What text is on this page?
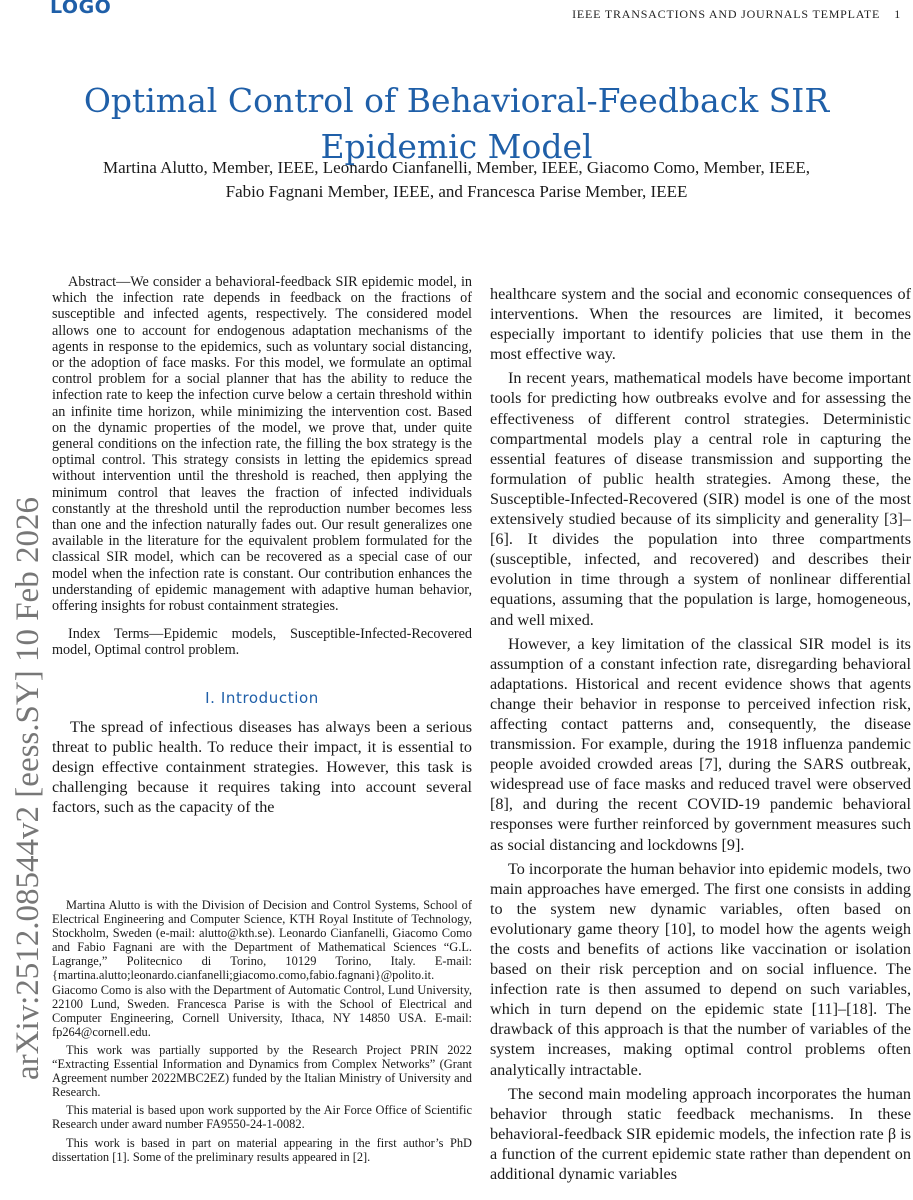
LOGO	IEEE TRANSACTIONS AND JOURNALS TEMPLATE 1
arXiv:2512.08544v2 [eess.SY] 10 Feb 2026
Optimal Control of Behavioral-Feedback SIR Epidemic Model
Martina Alutto, Member, IEEE, Leonardo Cianfanelli, Member, IEEE, Giacomo Como, Member, IEEE,
Fabio Fagnani Member, IEEE, and Francesca Parise Member, IEEE

Abstract—We consider a behavioral-feedback SIR epidemic model, in which the infection rate depends in feedback on the fractions of susceptible and infected agents, respectively. The considered model allows one to account for endogenous adaptation mechanisms of the agents in response to the epidemics, such as voluntary social distancing, or the adoption of face masks. For this model, we formulate an optimal control problem for a social planner that has the ability to reduce the infection rate to keep the infection curve below a certain threshold within an infinite time horizon, while minimizing the intervention cost. Based on the dynamic properties of the model, we prove that, under quite general conditions on the infection rate, the filling the box strategy is the optimal control. This strategy consists in letting the epidemics spread without intervention until the threshold is reached, then applying the minimum control that leaves the fraction of infected individuals constantly at the threshold until the reproduction number becomes less than one and the infection naturally fades out. Our result generalizes one available in the literature for the equivalent problem formulated for the classical SIR model, which can be recovered as a special case of our model when the infection rate is constant. Our contribution enhances the understanding of epidemic management with adaptive human behavior, offering insights for robust containment strategies.

Index Terms—Epidemic models, Susceptible-Infected-Recovered model, Optimal control problem.

I. Introduction

The spread of infectious diseases has always been a serious threat to public health. To reduce their impact, it is essential to design effective containment strategies. However, this task is challenging because it requires taking into account several factors, such as the capacity of the

Martina Alutto is with the Division of Decision and Control Systems, School of Electrical Engineering and Computer Science, KTH Royal Institute of Technology, Stockholm, Sweden (e-mail: alutto@kth.se). Leonardo Cianfanelli, Giacomo Como and Fabio Fagnani are with the Department of Mathematical Sciences “G.L. Lagrange,” Politecnico di Torino, 10129 Torino, Italy. E-mail: {martina.alutto;leonardo.cianfanelli;giacomo.como,fabio.fagnani}@polito.it. Giacomo Como is also with the Department of Automatic Control, Lund University, 22100 Lund, Sweden. Francesca Parise is with the School of Electrical and Computer Engineering, Cornell University, Ithaca, NY 14850 USA. E-mail: fp264@cornell.edu.

This work was partially supported by the Research Project PRIN 2022 “Extracting Essential Information and Dynamics from Complex Networks” (Grant Agreement number 2022MBC2EZ) funded by the Italian Ministry of University and Research.

This material is based upon work supported by the Air Force Office of Scientific Research under award number FA9550-24-1-0082.

This work is based in part on material appearing in the first author’s PhD dissertation [1]. Some of the preliminary results appeared in [2].

healthcare system and the social and economic consequences of interventions. When the resources are limited, it becomes especially important to identify policies that use them in the most effective way.

In recent years, mathematical models have become important tools for predicting how outbreaks evolve and for assessing the effectiveness of different control strategies. Deterministic compartmental models play a central role in capturing the essential features of disease transmission and supporting the formulation of public health strategies. Among these, the Susceptible-Infected-Recovered (SIR) model is one of the most extensively studied because of its simplicity and generality [3]–[6]. It divides the population into three compartments (susceptible, infected, and recovered) and describes their evolution in time through a system of nonlinear differential equations, assuming that the population is large, homogeneous, and well mixed.

However, a key limitation of the classical SIR model is its assumption of a constant infection rate, disregarding behavioral adaptations. Historical and recent evidence shows that agents change their behavior in response to perceived infection risk, affecting contact patterns and, consequently, the disease transmission. For example, during the 1918 influenza pandemic people avoided crowded areas [7], during the SARS outbreak, widespread use of face masks and reduced travel were observed [8], and during the recent COVID-19 pandemic behavioral responses were further reinforced by government measures such as social distancing and lockdowns [9].

To incorporate the human behavior into epidemic models, two main approaches have emerged. The first one consists in adding to the system new dynamic variables, often based on evolutionary game theory [10], to model how the agents weigh the costs and benefits of actions like vaccination or isolation based on their risk perception and on social influence. The infection rate is then assumed to depend on such variables, which in turn depend on the epidemic state [11]–[18]. The drawback of this approach is that the number of variables of the system increases, making optimal control problems often analytically intractable.

The second main modeling approach incorporates the human behavior through static feedback mechanisms. In these behavioral-feedback SIR epidemic models, the infection rate β is a function of the current epidemic state rather than dependent on additional dynamic variables
